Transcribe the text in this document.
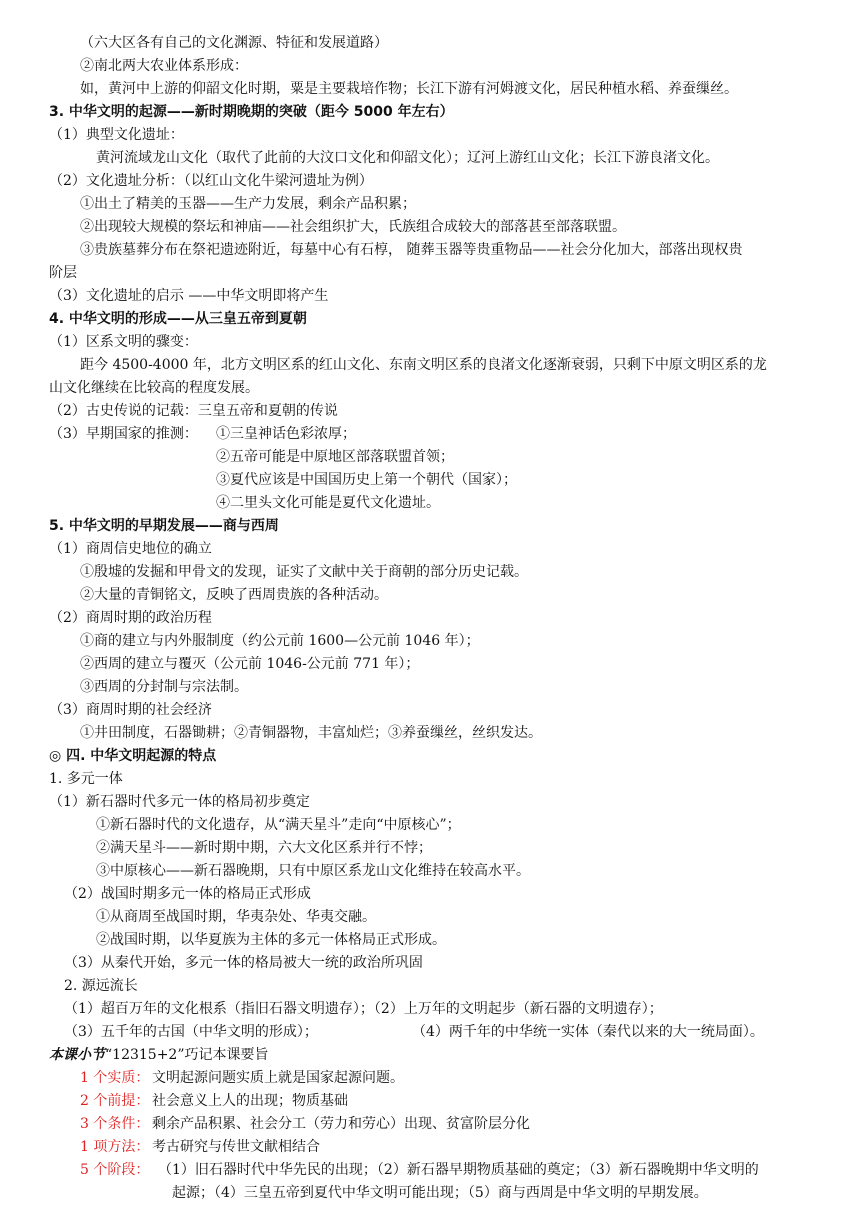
（六大区各有自己的文化渊源、特征和发展道路）
②南北两大农业体系形成：
如，黄河中上游的仰韶文化时期，粟是主要栽培作物；长江下游有河姆渡文化，居民种植水稻、养蚕缫丝。
3. 中华文明的起源——新时期晚期的突破（距今 5000 年左右）
（1）典型文化遗址：
黄河流域龙山文化（取代了此前的大汶口文化和仰韶文化）；辽河上游红山文化；长江下游良渚文化。
（2）文化遗址分析：（以红山文化牛梁河遗址为例）
①出土了精美的玉器——生产力发展，剩余产品积累；
②出现较大规模的祭坛和神庙——社会组织扩大，氏族组合成较大的部落甚至部落联盟。
③贵族墓葬分布在祭祀遗迹附近，每墓中心有石椁， 随葬玉器等贵重物品——社会分化加大，部落出现权贵
阶层
（3）文化遗址的启示 ——中华文明即将产生
4. 中华文明的形成——从三皇五帝到夏朝
（1）区系文明的骤变：
距今 4500-4000 年，北方文明区系的红山文化、东南文明区系的良渚文化逐渐衰弱，只剩下中原文明区系的龙
山文化继续在比较高的程度发展。
（2）古史传说的记载：三皇五帝和夏朝的传说
（3）早期国家的推测： ①三皇神话色彩浓厚；
②五帝可能是中原地区部落联盟首领；
③夏代应该是中国国历史上第一个朝代（国家）；
④二里头文化可能是夏代文化遗址。
5. 中华文明的早期发展——商与西周
（1）商周信史地位的确立
①殷墟的发掘和甲骨文的发现，证实了文献中关于商朝的部分历史记载。
②大量的青铜铭文，反映了西周贵族的各种活动。
（2）商周时期的政治历程
①商的建立与内外服制度（约公元前 1600—公元前 1046 年）；
②西周的建立与覆灭（公元前 1046-公元前 771 年）；
③西周的分封制与宗法制。
（3）商周时期的社会经济
①井田制度，石器锄耕；②青铜器物，丰富灿烂；③养蚕缫丝，丝织发达。
◎ 四. 中华文明起源的特点
1. 多元一体
（1）新石器时代多元一体的格局初步奠定
①新石器时代的文化遗存，从“满天星斗”走向“中原核心”；
②满天星斗——新时期中期，六大文化区系并行不悖；
③中原核心——新石器晚期，只有中原区系龙山文化维持在较高水平。
（2）战国时期多元一体的格局正式形成
①从商周至战国时期，华夷杂处、华夷交融。
②战国时期，以华夏族为主体的多元一体格局正式形成。
（3）从秦代开始，多元一体的格局被大一统的政治所巩固
2. 源远流长
（1）超百万年的文化根系（指旧石器文明遗存）；（2）上万年的文明起步（新石器的文明遗存）；
（3）五千年的古国（中华文明的形成）；	（4）两千年的中华统一实体（秦代以来的大一统局面）。
本课小节“12315+2”巧记本课要旨
1 个实质： 文明起源问题实质上就是国家起源问题。
2 个前提： 社会意义上人的出现；物质基础
3 个条件： 剩余产品积累、社会分工（劳力和劳心）出现、贫富阶层分化
1 项方法： 考古研究与传世文献相结合
5 个阶段： （1）旧石器时代中华先民的出现；（2）新石器早期物质基础的奠定；（3）新石器晚期中华文明的
起源；（4）三皇五帝到夏代中华文明可能出现；（5）商与西周是中华文明的早期发展。
